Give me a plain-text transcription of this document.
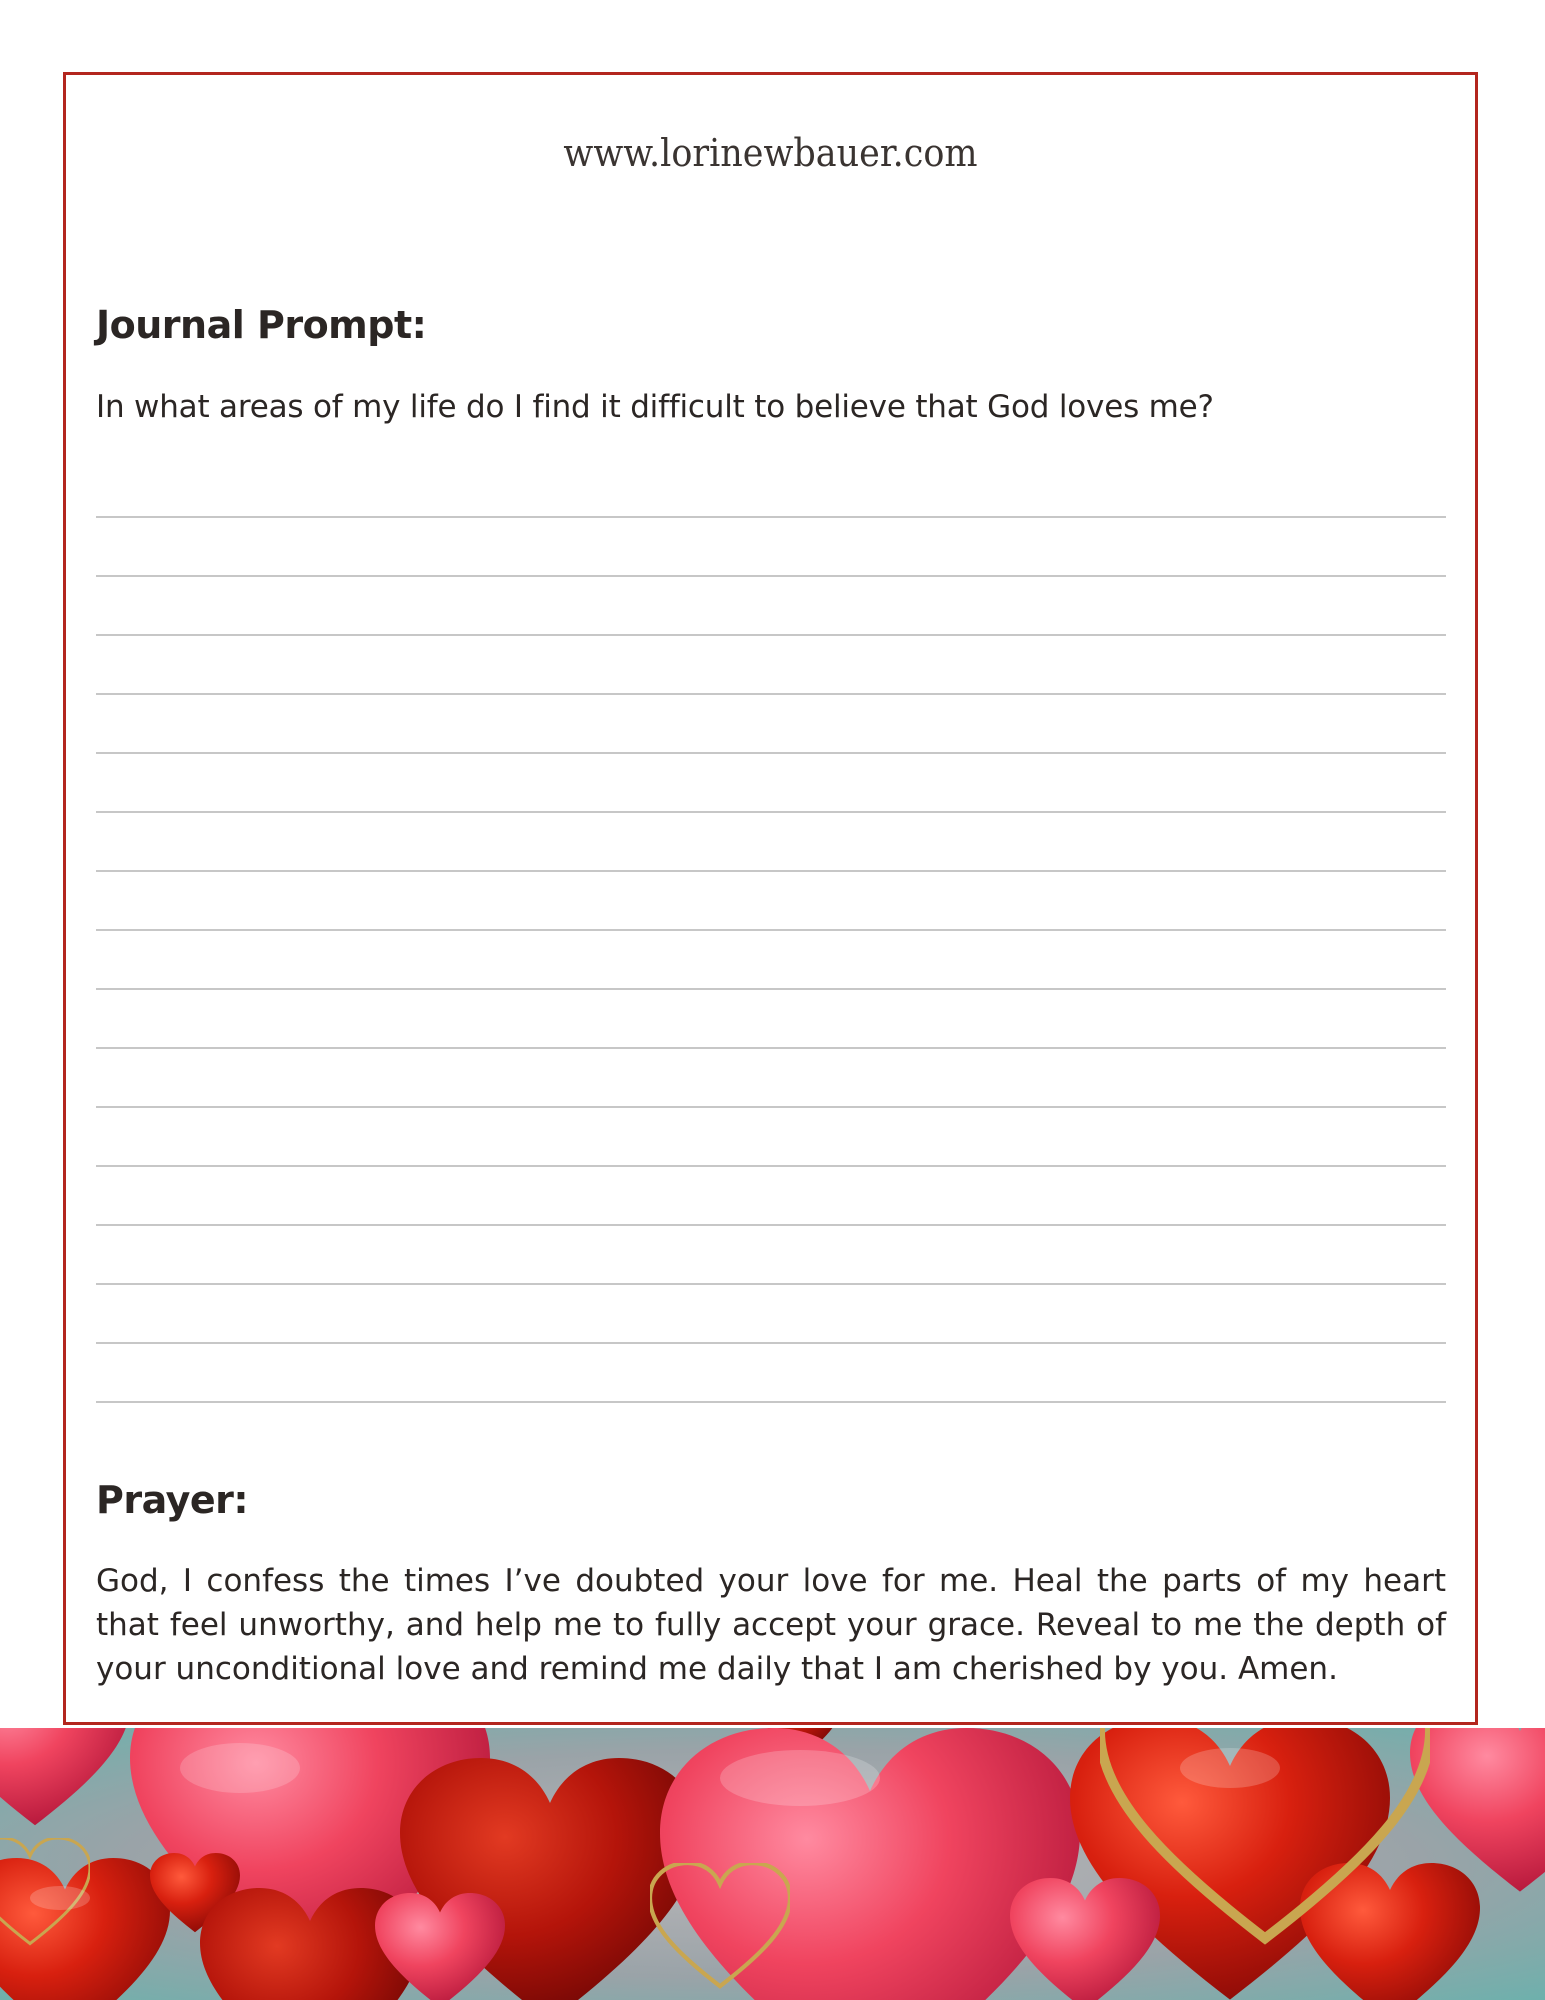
www.lorinewbauer.com
Journal Prompt:

In what areas of my life do I find it difficult to believe that God loves me?

Prayer:

God, I confess the times I’ve doubted your love for me. Heal the parts of my heart that feel unworthy, and help me to fully accept your grace. Reveal to me the depth of your unconditional love and remind me daily that I am cherished by you. Amen.
